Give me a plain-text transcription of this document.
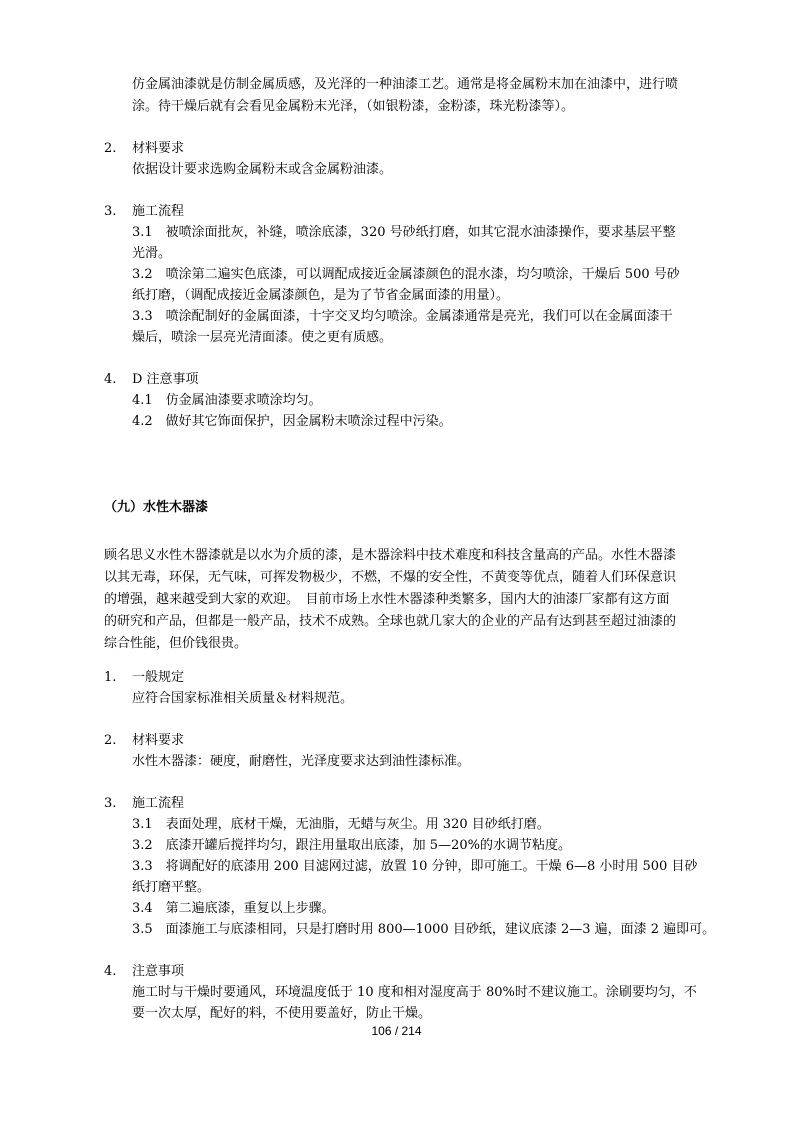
仿金属油漆就是仿制金属质感，及光泽的一种油漆工艺。通常是将金属粉末加在油漆中，进行喷
涂。待干燥后就有会看见金属粉末光泽，（如银粉漆，金粉漆，珠光粉漆等）。
2. 材料要求
依据设计要求选购金属粉末或含金属粉油漆。
3. 施工流程
3.1　被喷涂面批灰，补缝，喷涂底漆，320 号砂纸打磨，如其它混水油漆操作，要求基层平整
光滑。
3.2　喷涂第二遍实色底漆，可以调配成接近金属漆颜色的混水漆，均匀喷涂，干燥后 500 号砂
纸打磨，（调配成接近金属漆颜色，是为了节省金属面漆的用量）。
3.3　喷涂配制好的金属面漆，十字交叉均匀喷涂。金属漆通常是亮光，我们可以在金属面漆干
燥后，喷涂一层亮光清面漆。使之更有质感。
4. D 注意事项
4.1　仿金属油漆要求喷涂均匀。
4.2　做好其它饰面保护，因金属粉末喷涂过程中污染。
（九）水性木器漆
顾名思义水性木器漆就是以水为介质的漆，是木器涂料中技术难度和科技含量高的产品。水性木器漆
以其无毒，环保，无气味，可挥发物极少，不燃，不爆的安全性，不黄变等优点，随着人们环保意识
的增强，越来越受到大家的欢迎。　目前市场上水性木器漆种类繁多，国内大的油漆厂家都有这方面
的研究和产品，但都是一般产品，技术不成熟。全球也就几家大的企业的产品有达到甚至超过油漆的
综合性能，但价钱很贵。
1. 一般规定
应符合国家标准相关质量＆材料规范。
2. 材料要求
水性木器漆：硬度，耐磨性，光泽度要求达到油性漆标准。
3. 施工流程
3.1　表面处理，底材干燥，无油脂，无蜡与灰尘。用 320 目砂纸打磨。
3.2　底漆开罐后搅拌均匀，跟注用量取出底漆，加 5—20%的水调节粘度。
3.3　将调配好的底漆用 200 目滤网过滤，放置 10 分钟，即可施工。干燥 6—8 小时用 500 目砂
纸打磨平整。
3.4　第二遍底漆，重复以上步骤。
3.5　面漆施工与底漆相同，只是打磨时用 800—1000 目砂纸，建议底漆 2—3 遍，面漆 2 遍即可。
4. 注意事项
施工时与干燥时要通风，环境温度低于 10 度和相对湿度高于 80%时不建议施工。涂刷要均匀，不
要一次太厚，配好的料，不使用要盖好，防止干燥。
106 / 214
